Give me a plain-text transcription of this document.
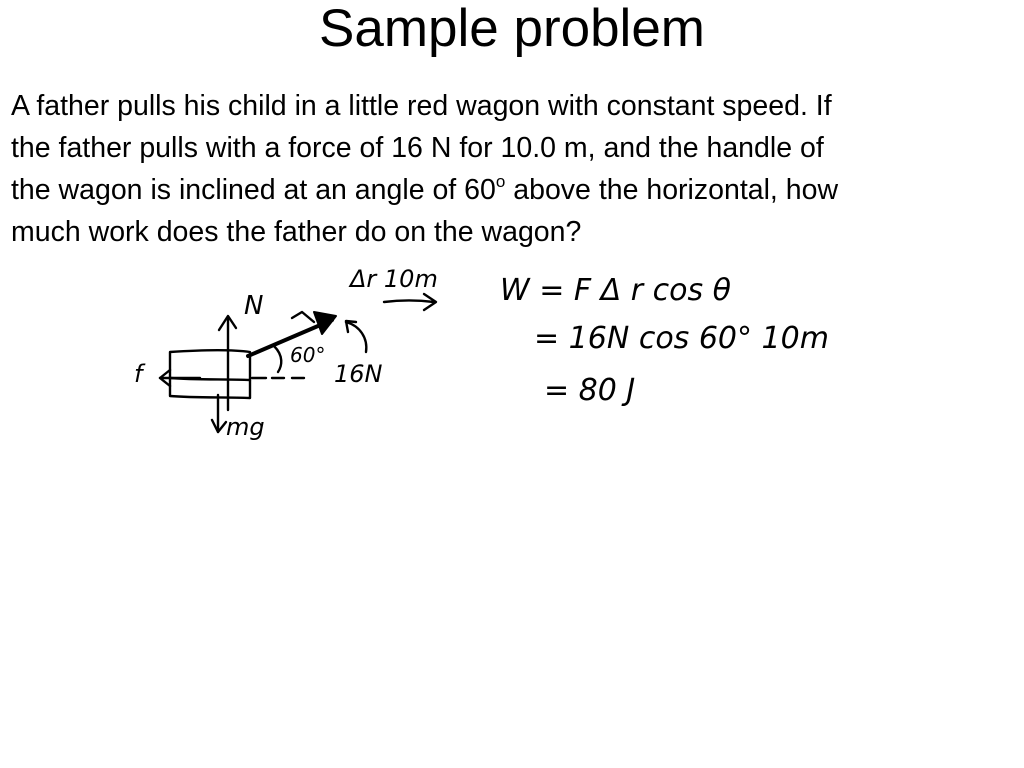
Sample problem

A father pulls his child in a little red wagon with constant speed. If
the father pulls with a force of 16 N for 10.0 m, and the handle of
the wagon is inclined at an angle of 60$^o$ above the horizontal, how
much work does the father do on the wagon?

N
Δr 10m
60°
16N
f
mg
W = F Δ r cos θ
= 16N cos 60° 10m
= 80 J
